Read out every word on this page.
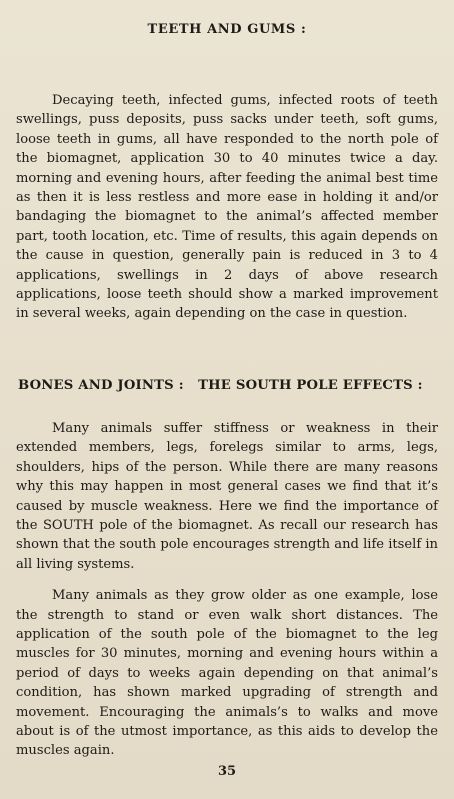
TEETH AND GUMS :

Decaying teeth, infected gums, infected roots of teeth swellings, puss deposits, puss sacks under teeth, soft gums, loose teeth in gums, all have responded to the north pole of the biomagnet, application 30 to 40 minutes twice a day. morning and evening hours, after feeding the animal best time as then it is less restless and more ease in holding it and/or bandaging the biomagnet to the animal’s affected member part, tooth location, etc. Time of results, this again depends on the cause in question, generally pain is reduced in 3 to 4 applications, swellings in 2 days of above research applications, loose teeth should show a marked improvement in several weeks, again depending on the case in question.

BONES AND JOINTS :   THE SOUTH POLE EFFECTS :

Many animals suffer stiffness or weakness in their extended members, legs, forelegs similar to arms, legs, shoulders, hips of the person. While there are many reasons why this may happen in most general cases we find that it’s caused by muscle weakness. Here we find the importance of the SOUTH pole of the biomagnet. As recall our research has shown that the south pole encourages strength and life itself in all living systems.

Many animals as they grow older as one example, lose the strength to stand or even walk short distances. The application of the south pole of the biomagnet to the leg muscles for 30 minutes, morning and evening hours within a period of days to weeks again depending on that animal’s condition, has shown marked upgrading of strength and movement. Encouraging the animals’s to walks and move about is of the utmost importance, as this aids to develop the muscles again.

35
